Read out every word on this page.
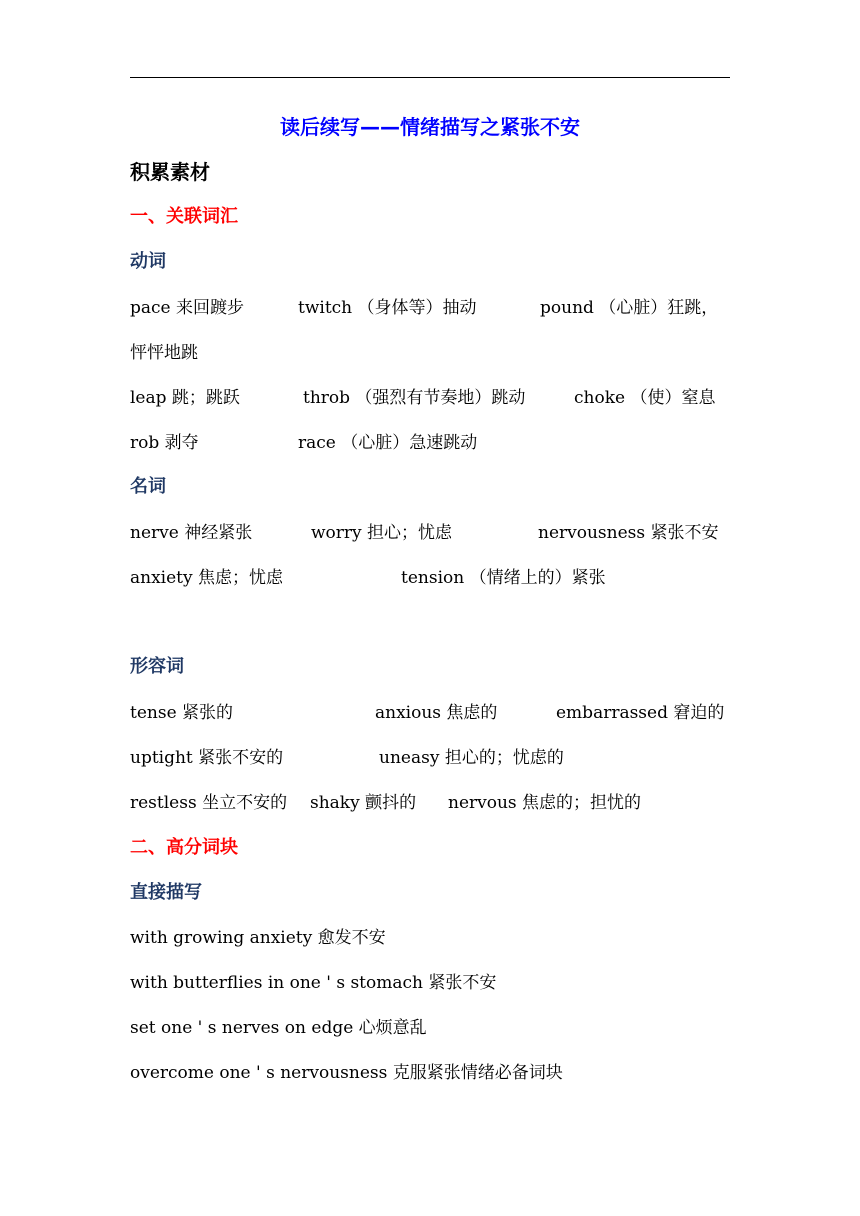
读后续写——情绪描写之紧张不安
积累素材
一、关联词汇
动词
pace 来回踱步	twitch （身体等）抽动	pound （心脏）狂跳，
怦怦地跳
leap 跳；跳跃	throb （强烈有节奏地）跳动	choke （使）窒息
rob 剥夺	race （心脏）急速跳动
名词
nerve 神经紧张	worry 担心；忧虑	nervousness 紧张不安
anxiety 焦虑；忧虑	tension （情绪上的）紧张
形容词
tense 紧张的	anxious 焦虑的	embarrassed 窘迫的
uptight 紧张不安的	uneasy 担心的；忧虑的
restless 坐立不安的 shaky 颤抖的 nervous 焦虑的；担忧的
二、高分词块
直接描写
with growing anxiety 愈发不安
with butterflies in one ' s stomach 紧张不安
set one ' s nerves on edge 心烦意乱
overcome one ' s nervousness 克服紧张情绪必备词块
